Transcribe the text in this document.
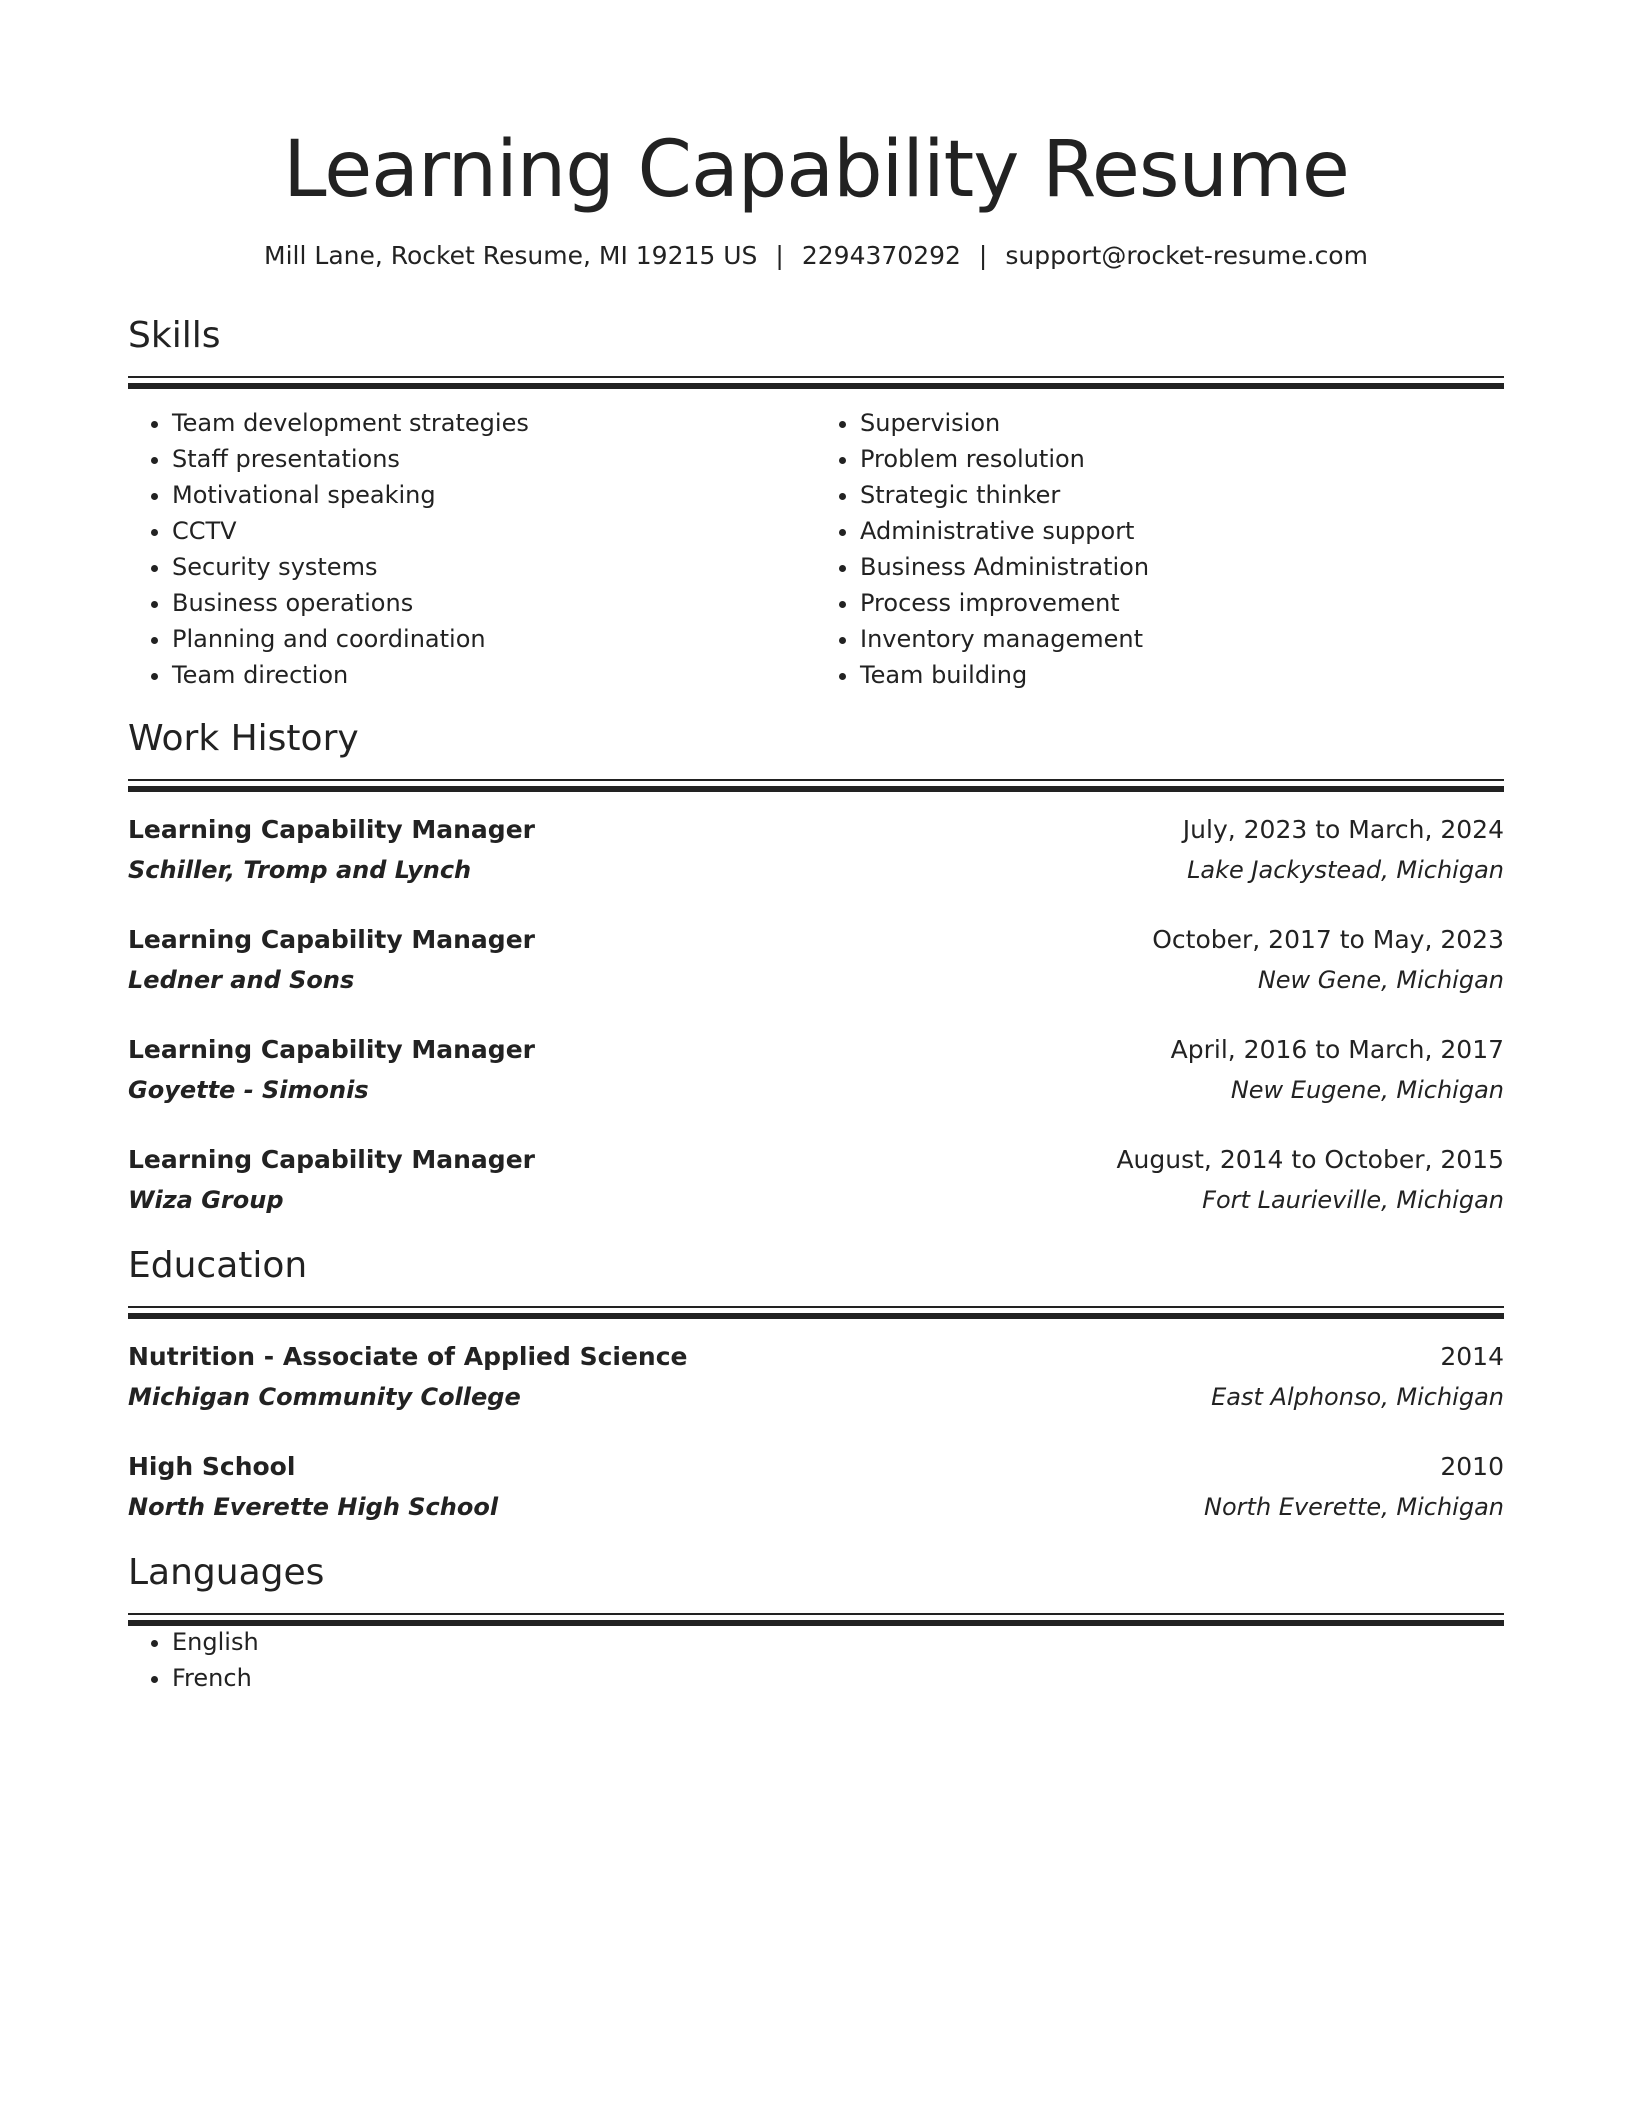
Learning Capability Resume
Mill Lane, Rocket Resume, MI 19215 US | 2294370292 | support@rocket-resume.com
Skills
• Team development strategies
• Staff presentations
• Motivational speaking
• CCTV
• Security systems
• Business operations
• Planning and coordination
• Team direction
• Supervision
• Problem resolution
• Strategic thinker
• Administrative support
• Business Administration
• Process improvement
• Inventory management
• Team building
Work History
Learning Capability Manager	July, 2023 to March, 2024
Schiller, Tromp and Lynch	Lake Jackystead, Michigan
Learning Capability Manager	October, 2017 to May, 2023
Ledner and Sons	New Gene, Michigan
Learning Capability Manager	April, 2016 to March, 2017
Goyette - Simonis	New Eugene, Michigan
Learning Capability Manager	August, 2014 to October, 2015
Wiza Group	Fort Laurieville, Michigan
Education
Nutrition - Associate of Applied Science	2014
Michigan Community College	East Alphonso, Michigan
High School	2010
North Everette High School	North Everette, Michigan
Languages
• English
• French
